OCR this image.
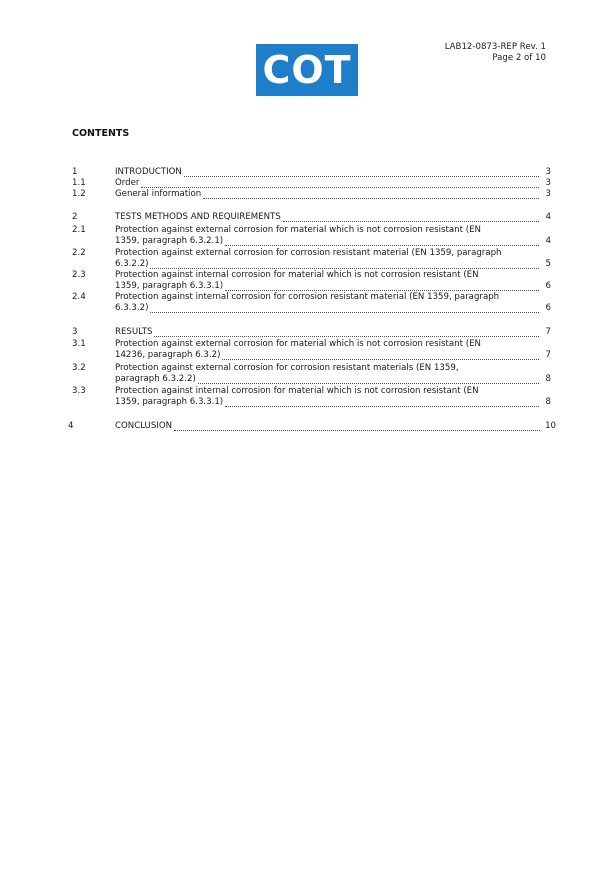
COT
LAB12-0873-REP Rev. 1
Page 2 of 10
CONTENTS
1	INTRODUCTION	3
1.1	Order	3
1.2	General information	3
2	TESTS METHODS AND REQUIREMENTS	4
2.1	Protection against external corrosion for material which is not corrosion resistant (EN
1359, paragraph 6.3.2.1)	4
2.2	Protection against external corrosion for corrosion resistant material (EN 1359, paragraph
6.3.2.2)	5
2.3	Protection against internal corrosion for material which is not corrosion resistant (EN
1359, paragraph 6.3.3.1)	6
2.4	Protection against internal corrosion for corrosion resistant material (EN 1359, paragraph
6.3.3.2)	6
3	RESULTS	7
3.1	Protection against external corrosion for material which is not corrosion resistant (EN
14236, paragraph 6.3.2)	7
3.2	Protection against external corrosion for corrosion resistant materials (EN 1359,
paragraph 6.3.2.2)	8
3.3	Protection against internal corrosion for material which is not corrosion resistant (EN
1359, paragraph 6.3.3.1)	8
4	CONCLUSION	10
